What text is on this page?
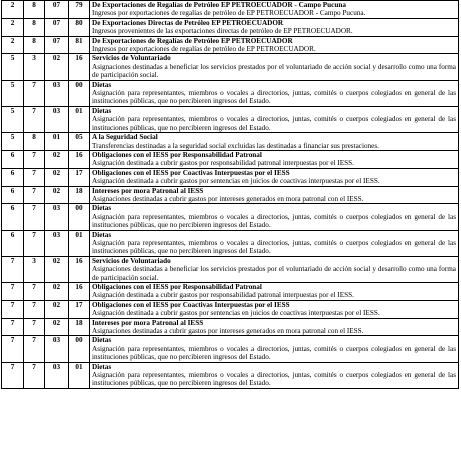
2	8	07	79	De Exportaciones de Regalías de Petróleo EP PETROECUADOR - Campo Pucuna
Ingresos por exportaciones de regalías de petróleo de EP PETROECUADOR - Campo Pucuna.

2	8	07	80	De Exportaciones Directas de Petróleo EP PETROECUADOR
Ingresos provenientes de las exportaciones directas de petróleo de EP PETROECUADOR.

2	8	07	81	De Exportaciones de Regalías de Petróleo EP PETROECUADOR
Ingresos por exportaciones de regalías de petróleo de EP PETROECUADOR.

5	3	02	16	Servicios de Voluntariado
Asignaciones destinadas a beneficiar los servicios prestados por el voluntariado de acción social y desarrollo como una forma de participación social.

5	7	03	00	Dietas
Asignación para representantes, miembros o vocales a directorios, juntas, comités o cuerpos colegiados en general de las instituciones públicas, que no percibieren ingresos del Estado.

5	7	03	01	Dietas
Asignación para representantes, miembros o vocales a directorios, juntas, comités o cuerpos colegiados en general de las instituciones públicas, que no percibieren ingresos del Estado.

5	8	01	05	A la Seguridad Social
Transferencias destinadas a la seguridad social excluidas las destinadas a financiar sus prestaciones.

6	7	02	16	Obligaciones con el IESS por Responsabilidad Patronal
Asignación destinada a cubrir gastos por responsabilidad patronal interpuestas por el IESS.

6	7	02	17	Obligaciones con el IESS por Coactivas Interpuestas por el IESS
Asignación destinada a cubrir gastos por sentencias en juicios de coactivas interpuestas por el IESS.

6	7	02	18	Intereses por mora Patronal al IESS
Asignaciones destinadas a cubrir gastos por intereses generados en mora patronal con el IESS.

6	7	03	00	Dietas
Asignación para representantes, miembros o vocales a directorios, juntas, comités o cuerpos colegiados en general de las instituciones públicas, que no percibieren ingresos del Estado.

6	7	03	01	Dietas
Asignación para representantes, miembros o vocales a directorios, juntas, comités o cuerpos colegiados en general de las instituciones públicas, que no percibieren ingresos del Estado.

7	3	02	16	Servicios de Voluntariado
Asignaciones destinadas a beneficiar los servicios prestados por el voluntariado de acción social y desarrollo como una forma de participación social.

7	7	02	16	Obligaciones con el IESS por Responsabilidad Patronal
Asignación destinada a cubrir gastos por responsabilidad patronal interpuestas por el IESS.

7	7	02	17	Obligaciones con el IESS por Coactivas Interpuestas por el IESS
Asignación destinada a cubrir gastos por sentencias en juicios de coactivas interpuestas por el IESS.

7	7	02	18	Intereses por mora Patronal al IESS
Asignaciones destinadas a cubrir gastos por intereses generados en mora patronal con el IESS.

7	7	03	00	Dietas
Asignación para representantes, miembros o vocales a directorios, juntas, comités o cuerpos colegiados en general de las instituciones públicas, que no percibieren ingresos del Estado.

7	7	03	01	Dietas
Asignación para representantes, miembros o vocales a directorios, juntas, comités o cuerpos colegiados en general de las instituciones públicas, que no percibieren ingresos del Estado.
